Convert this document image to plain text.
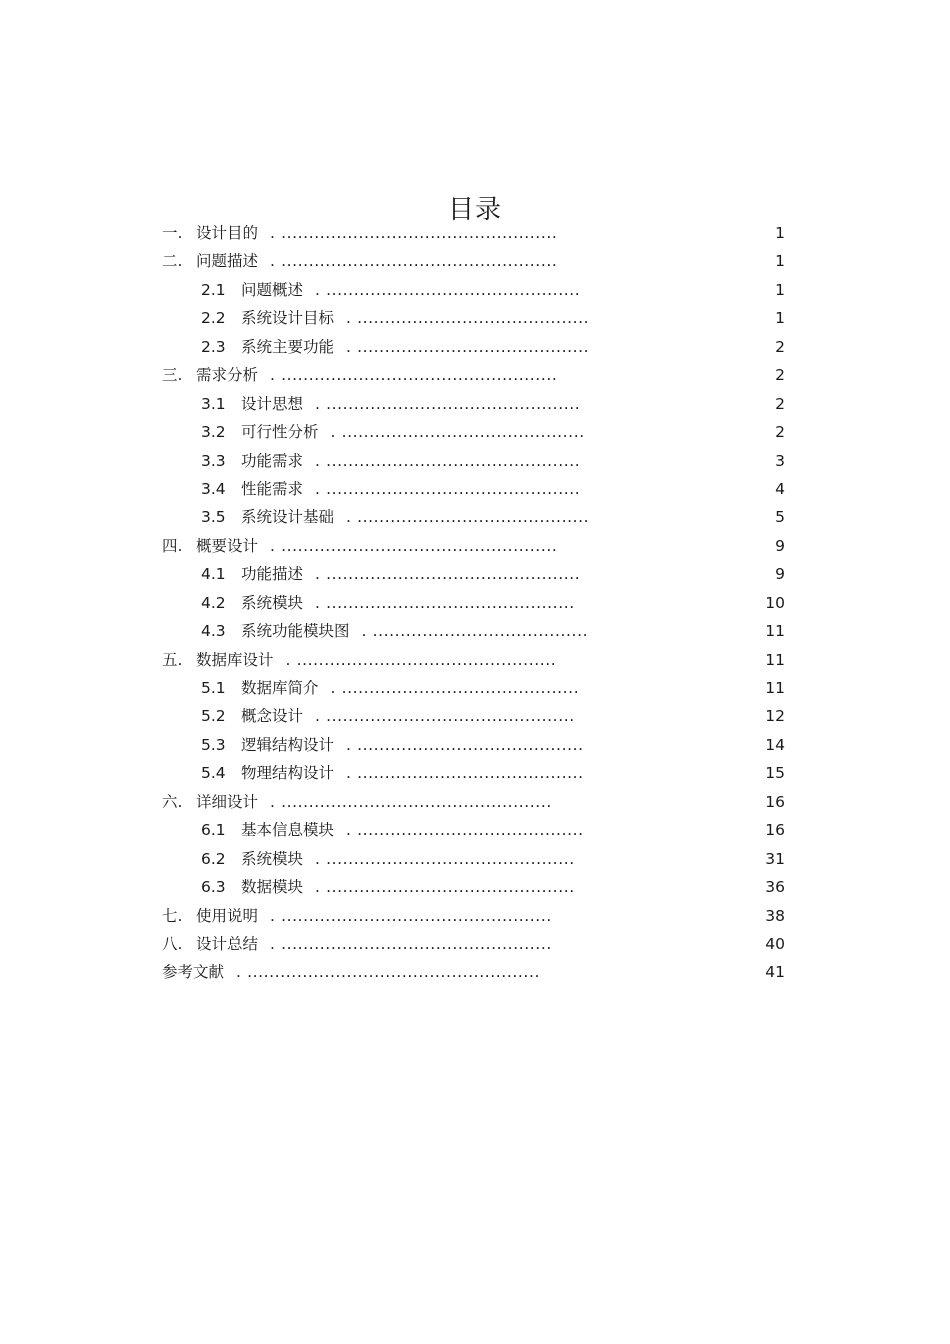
目录
一. 设计目的 . ..................................................	1
二. 问题描述 . ..................................................	1
2.1 问题概述 . ..............................................	1
2.2 系统设计目标 . ..........................................	1
2.3 系统主要功能 . ..........................................	2
三. 需求分析 . ..................................................	2
3.1 设计思想 . ..............................................	2
3.2 可行性分析 . ............................................	2
3.3 功能需求 . ..............................................	3
3.4 性能需求 . ..............................................	4
3.5 系统设计基础 . ..........................................	5
四. 概要设计 . ..................................................	9
4.1 功能描述 . ..............................................	9
4.2 系统模块 . .............................................	10
4.3 系统功能模块图 . .......................................	11
五. 数据库设计 . ...............................................	11
5.1 数据库简介 . ...........................................	11
5.2 概念设计 . .............................................	12
5.3 逻辑结构设计 . .........................................	14
5.4 物理结构设计 . .........................................	15
六. 详细设计 . .................................................	16
6.1 基本信息模块 . .........................................	16
6.2 系统模块 . .............................................	31
6.3 数据模块 . .............................................	36
七. 使用说明 . .................................................	38
八. 设计总结 . .................................................	40
参考文献 . .....................................................	41
